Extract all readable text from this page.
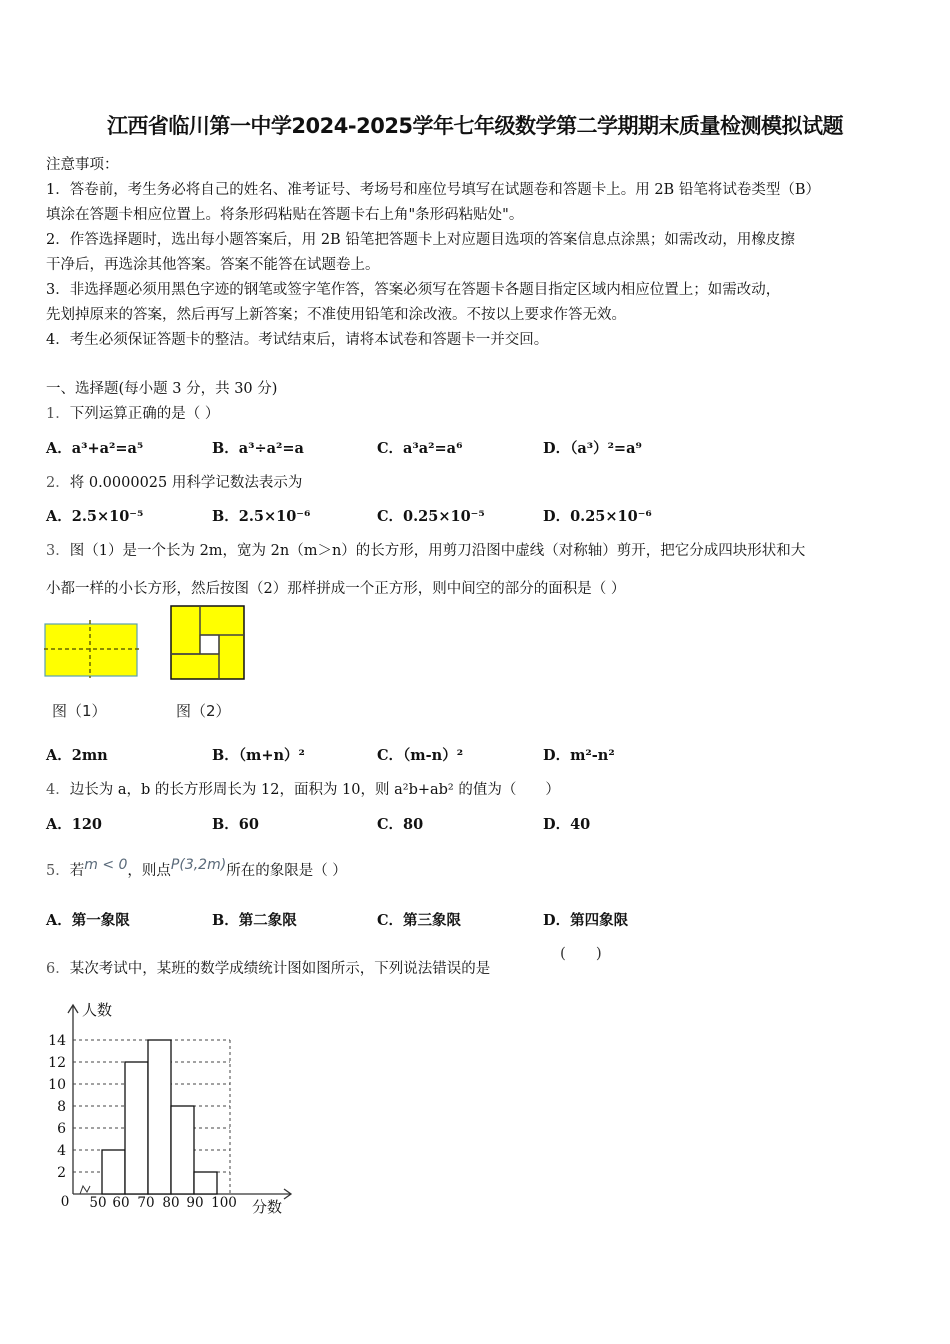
江西省临川第一中学2024-2025学年七年级数学第二学期期末质量检测模拟试题
注意事项：
1．答卷前，考生务必将自己的姓名、准考证号、考场号和座位号填写在试题卷和答题卡上。用 2B 铅笔将试卷类型（B）
填涂在答题卡相应位置上。将条形码粘贴在答题卡右上角"条形码粘贴处"。
2．作答选择题时，选出每小题答案后，用 2B 铅笔把答题卡上对应题目选项的答案信息点涂黑；如需改动，用橡皮擦
干净后，再选涂其他答案。答案不能答在试题卷上。
3．非选择题必须用黑色字迹的钢笔或签字笔作答，答案必须写在答题卡各题目指定区域内相应位置上；如需改动，
先划掉原来的答案，然后再写上新答案；不准使用铅笔和涂改液。不按以上要求作答无效。
4．考生必须保证答题卡的整洁。考试结束后，请将本试卷和答题卡一并交回。
一、选择题(每小题 3 分，共 30 分)
1．下列运算正确的是（ ）
A．a³+a²=a⁵	B．a³÷a²=a	C．a³a²=a⁶	D．（a³）²=a⁹
2．将 0.0000025 用科学记数法表示为
A．2.5×10⁻⁵	B．2.5×10⁻⁶	C．0.25×10⁻⁵	D．0.25×10⁻⁶
3．图（1）是一个长为 2m，宽为 2n（m＞n）的长方形，用剪刀沿图中虚线（对称轴）剪开，把它分成四块形状和大
小都一样的小长方形，然后按图（2）那样拼成一个正方形，则中间空的部分的面积是（ ）
图（1）	图（2）
A．2mn	B．（m+n）²	C．（m-n）²	D．m²-n²
4．边长为 a，b 的长方形周长为 12，面积为 10，则 a²b+ab² 的值为（　　）
A．120	B．60	C．80	D．40
5．若m < 0，则点P(3,2m)所在的象限是（ ）
A．第一象限	B．第二象限	C．第三象限	D．第四象限
6．某次考试中，某班的数学成绩统计图如图所示，下列说法错误的是
(　　)
2
4
6
8
10
12
14
0 50 60 70 80 90 100
人数
分数
